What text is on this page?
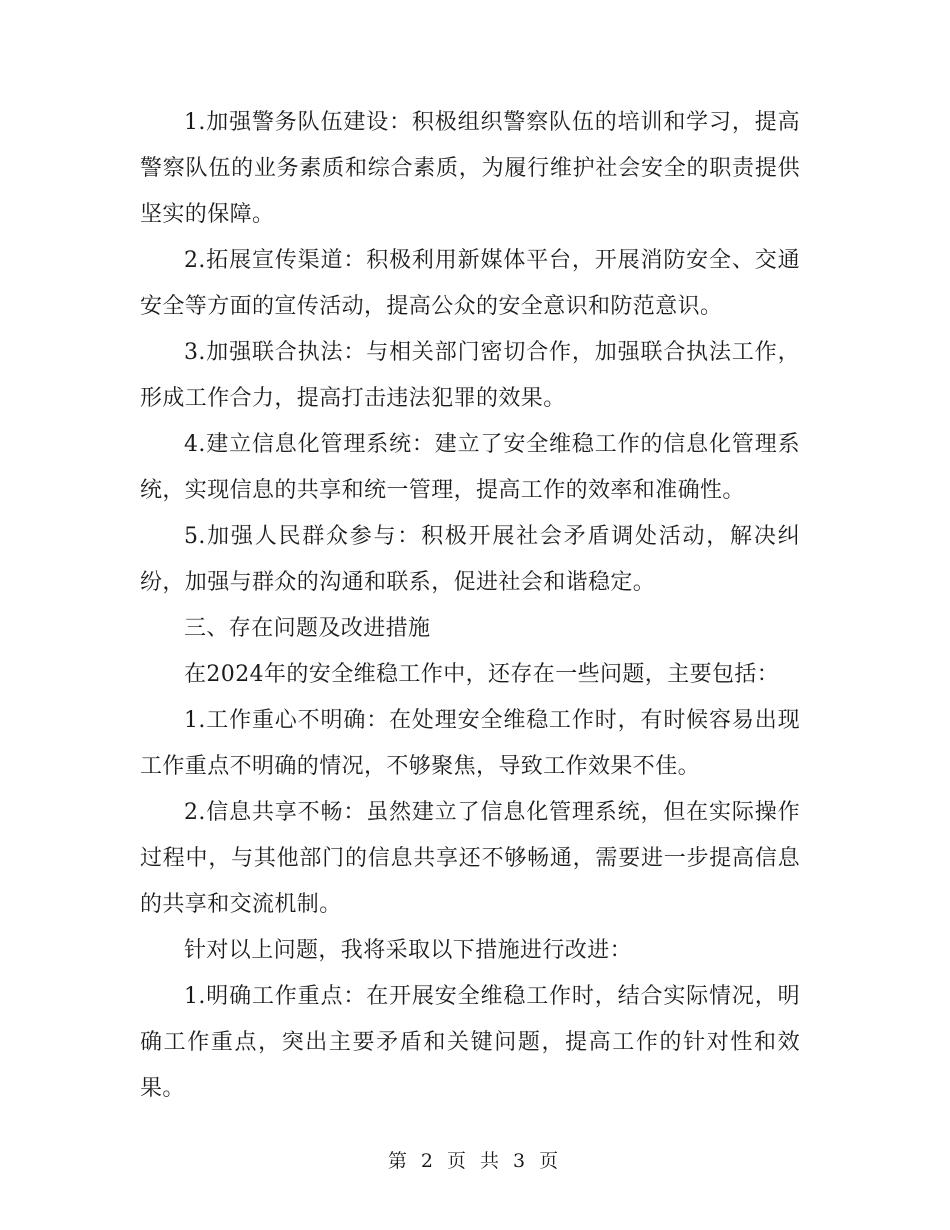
1.加强警务队伍建设：积极组织警察队伍的培训和学习，提高警察队伍的业务素质和综合素质，为履行维护社会安全的职责提供坚实的保障。

2.拓展宣传渠道：积极利用新媒体平台，开展消防安全、交通安全等方面的宣传活动，提高公众的安全意识和防范意识。

3.加强联合执法：与相关部门密切合作，加强联合执法工作，形成工作合力，提高打击违法犯罪的效果。

4.建立信息化管理系统：建立了安全维稳工作的信息化管理系统，实现信息的共享和统一管理，提高工作的效率和准确性。

5.加强人民群众参与：积极开展社会矛盾调处活动，解决纠纷，加强与群众的沟通和联系，促进社会和谐稳定。

三、存在问题及改进措施

在2024年的安全维稳工作中，还存在一些问题，主要包括：

1.工作重心不明确：在处理安全维稳工作时，有时候容易出现工作重点不明确的情况，不够聚焦，导致工作效果不佳。

2.信息共享不畅：虽然建立了信息化管理系统，但在实际操作过程中，与其他部门的信息共享还不够畅通，需要进一步提高信息的共享和交流机制。

针对以上问题，我将采取以下措施进行改进：

1.明确工作重点：在开展安全维稳工作时，结合实际情况，明确工作重点，突出主要矛盾和关键问题，提高工作的针对性和效果。

第 2 页 共 3 页
